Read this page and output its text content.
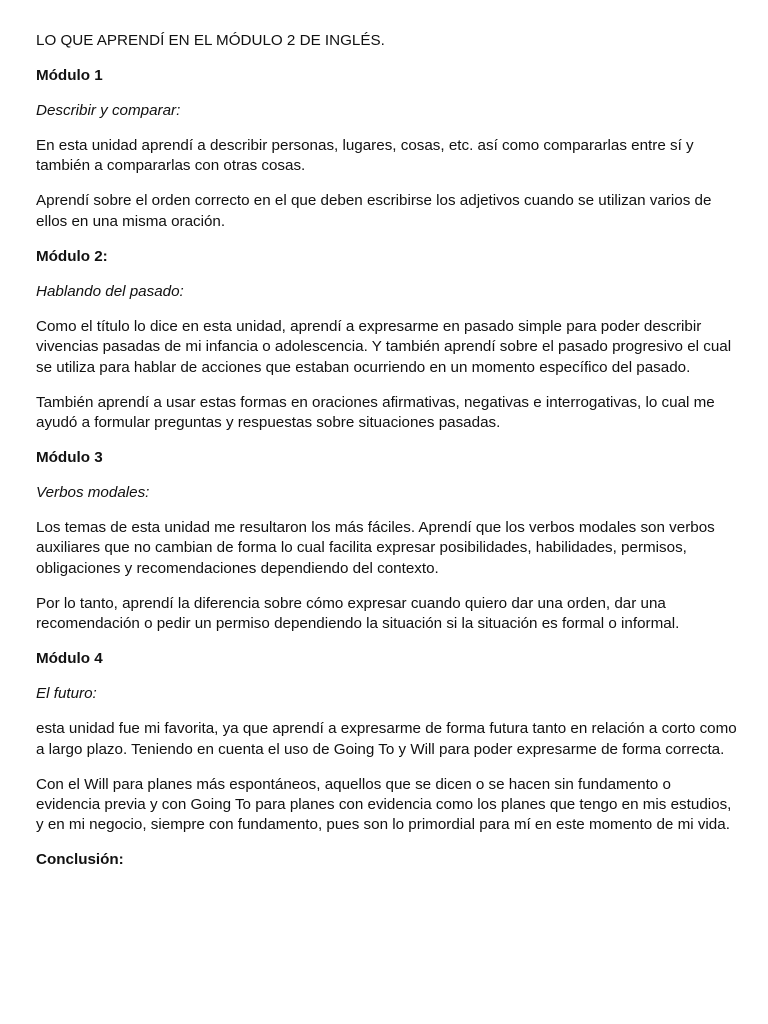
LO QUE APRENDÍ EN EL MÓDULO 2 DE INGLÉS.

Módulo 1

Describir y comparar:

En esta unidad aprendí a describir personas, lugares, cosas, etc. así como compararlas entre sí y también a compararlas con otras cosas.

Aprendí sobre el orden correcto en el que deben escribirse los adjetivos cuando se utilizan varios de ellos en una misma oración.

Módulo 2:

Hablando del pasado:

Como el título lo dice en esta unidad, aprendí a expresarme en pasado simple para poder describir vivencias pasadas de mi infancia o adolescencia. Y también aprendí sobre el pasado progresivo el cual se utiliza para hablar de acciones que estaban ocurriendo en un momento específico del pasado.

También aprendí a usar estas formas en oraciones afirmativas, negativas e interrogativas, lo cual me ayudó a formular preguntas y respuestas sobre situaciones pasadas.

Módulo 3

Verbos modales:

Los temas de esta unidad me resultaron los más fáciles. Aprendí que los verbos modales son verbos auxiliares que no cambian de forma lo cual facilita expresar posibilidades, habilidades, permisos, obligaciones y recomendaciones dependiendo del contexto.

Por lo tanto, aprendí la diferencia sobre cómo expresar cuando quiero dar una orden, dar una recomendación o pedir un permiso dependiendo la situación si la situación es formal o informal.

Módulo 4

El futuro:

esta unidad fue mi favorita, ya que aprendí a expresarme de forma futura tanto en relación a corto como a largo plazo. Teniendo en cuenta el uso de Going To y Will para poder expresarme de forma correcta.

Con el Will para planes más espontáneos, aquellos que se dicen o se hacen sin fundamento o evidencia previa y con Going To para planes con evidencia como los planes que tengo en mis estudios, y en mi negocio, siempre con fundamento, pues son lo primordial para mí en este momento de mi vida.

Conclusión:
